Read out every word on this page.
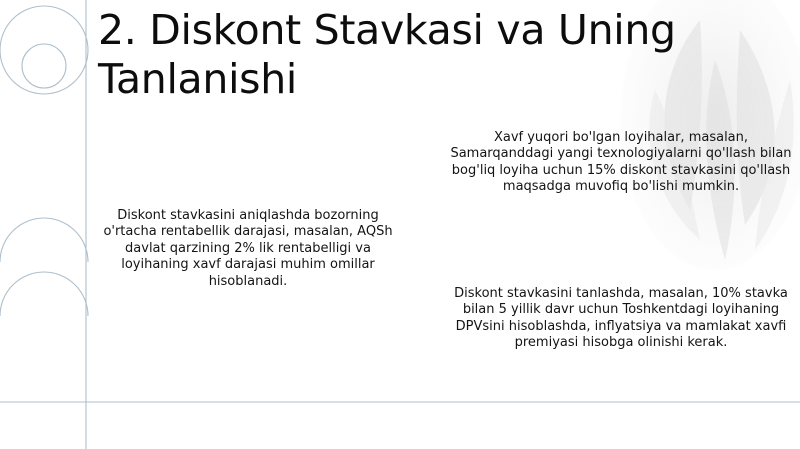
2. Diskont Stavkasi va Uning Tanlanishi

Diskont stavkasini aniqlashda bozorning o'rtacha rentabellik darajasi, masalan, AQSh davlat qarzining 2% lik rentabelligi va loyihaning xavf darajasi muhim omillar hisoblanadi.

Xavf yuqori bo'lgan loyihalar, masalan, Samarqanddagi yangi texnologiyalarni qo'llash bilan bog'liq loyiha uchun 15% diskont stavkasini qo'llash maqsadga muvofiq bo'lishi mumkin.

Diskont stavkasini tanlashda, masalan, 10% stavka bilan 5 yillik davr uchun Toshkentdagi loyihaning DPVsini hisoblashda, inflyatsiya va mamlakat xavfi premiyasi hisobga olinishi kerak.
